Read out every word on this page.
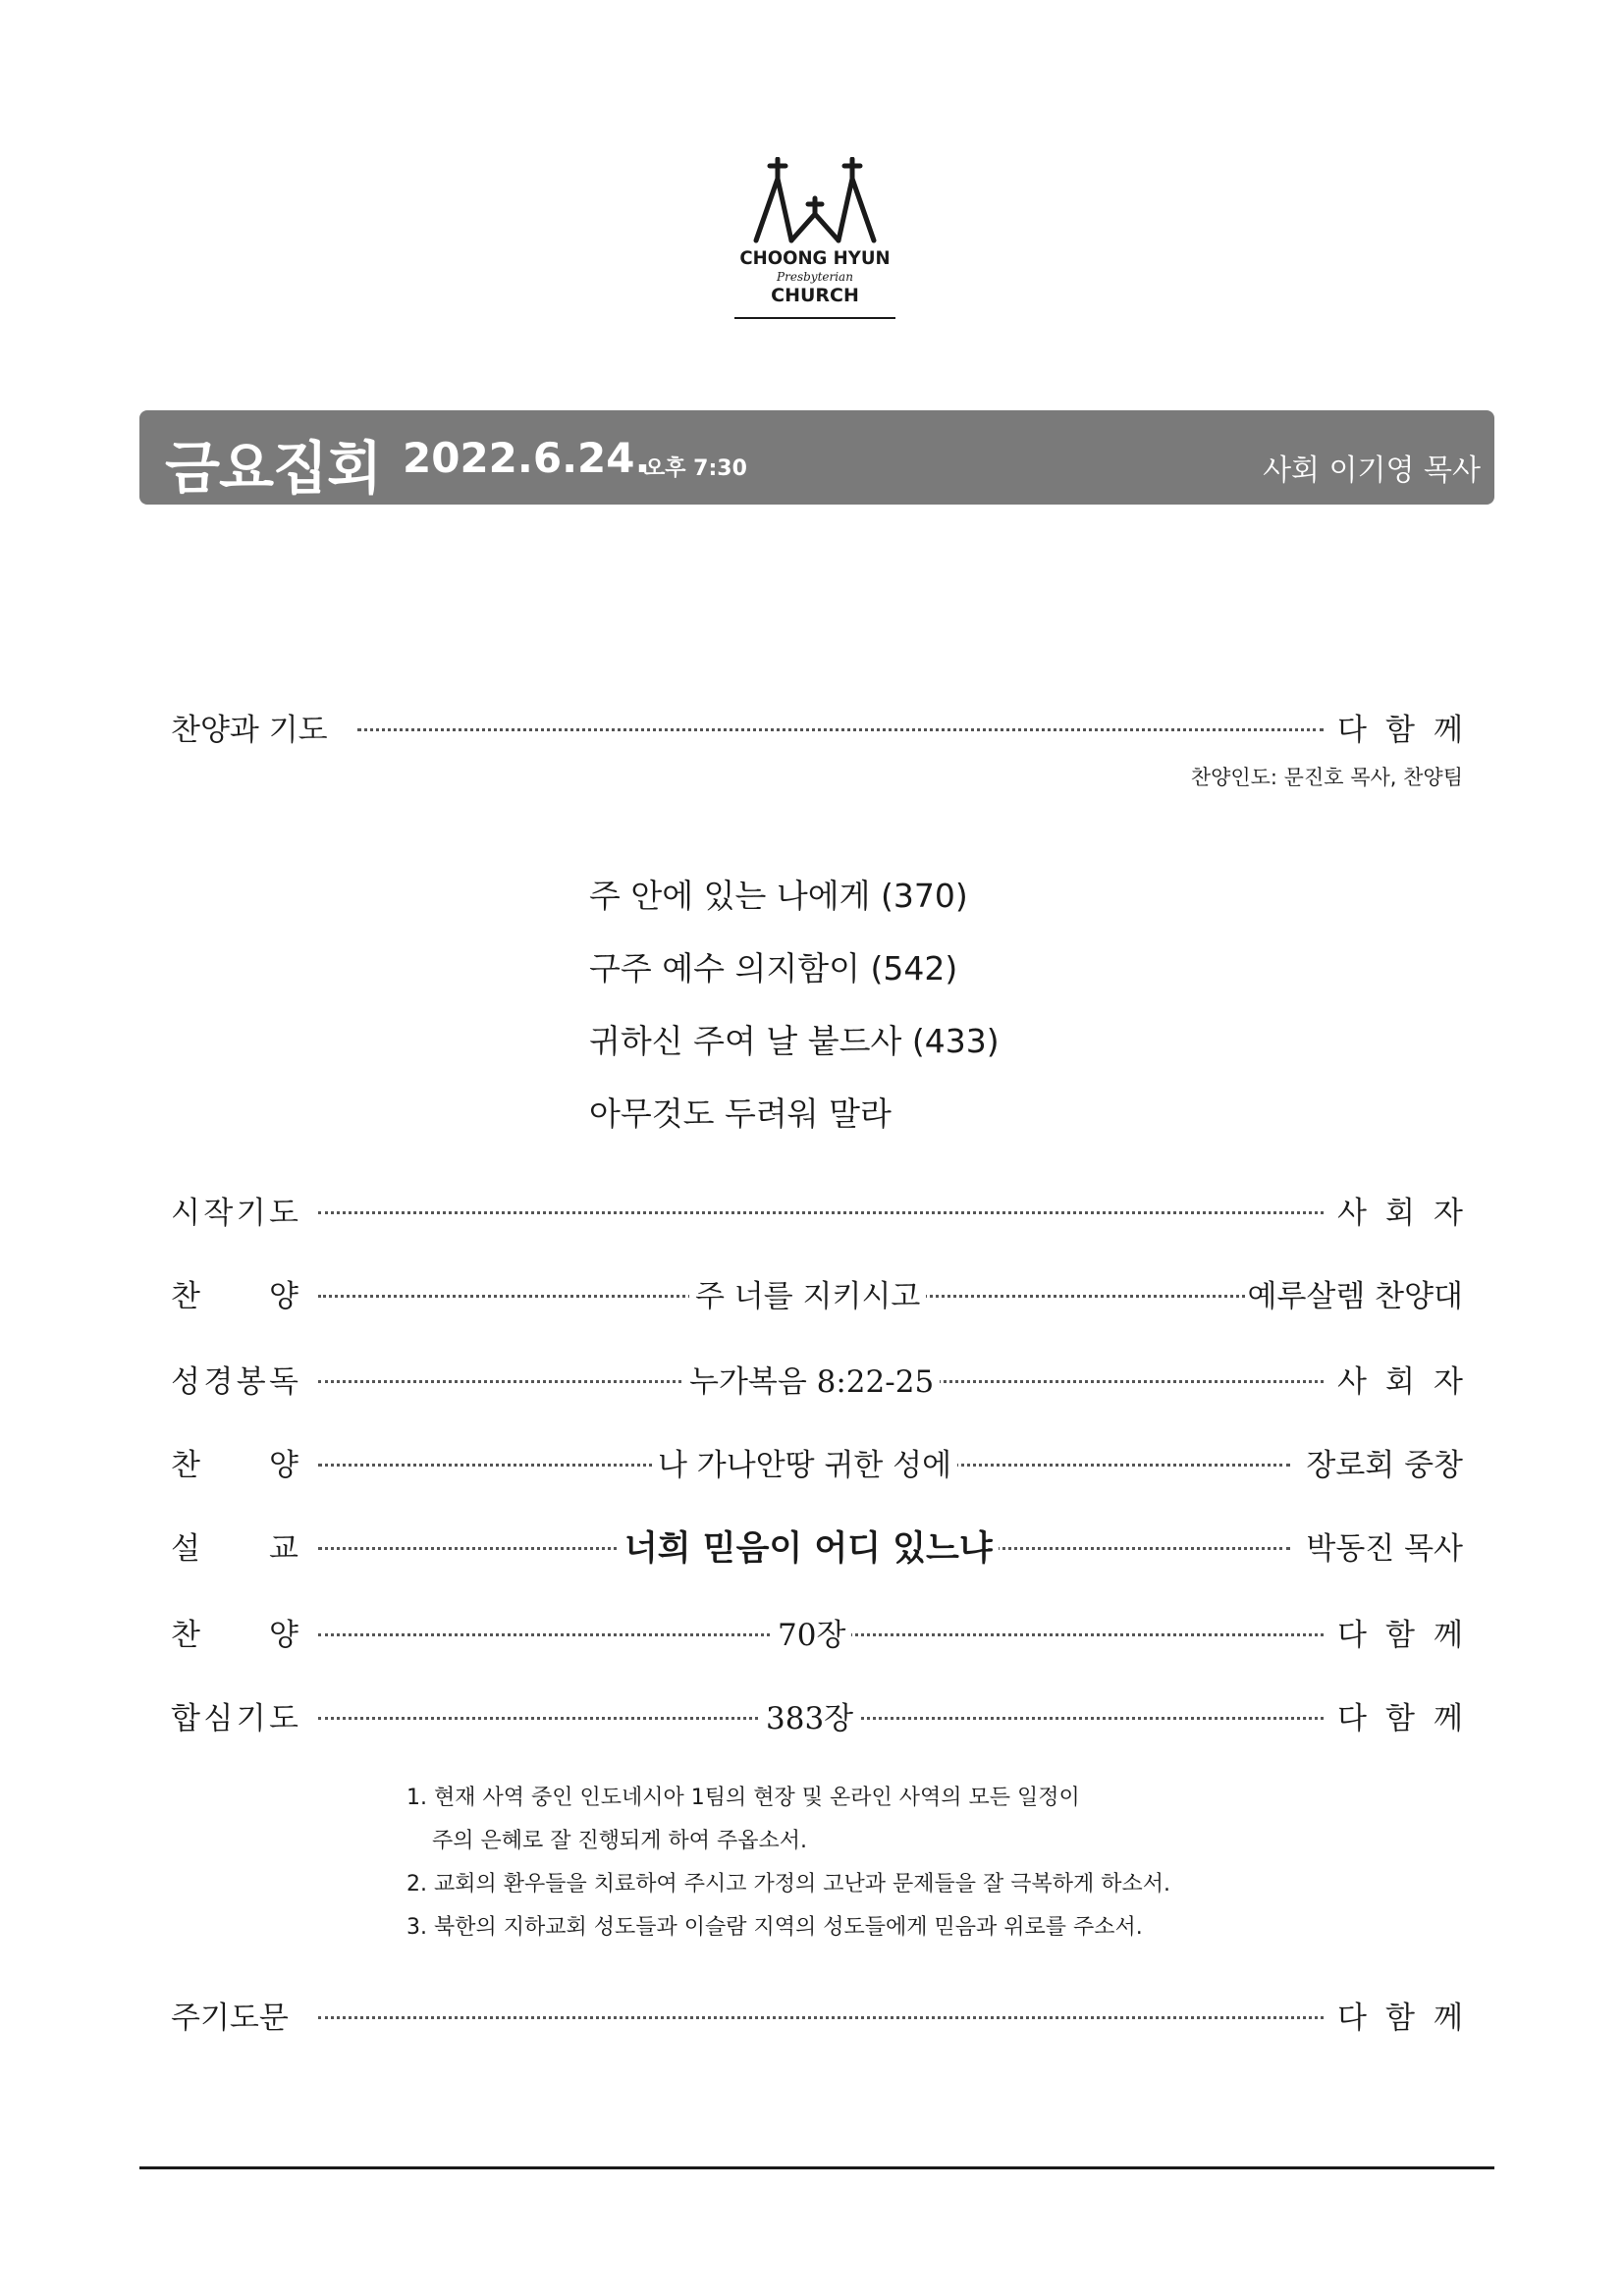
CHOONG HYUN
Presbyterian
CHURCH
금요집회 2022.6.24.
오후 7:30	사회 이기영 목사
찬양과 기도	다 함 께
찬양인도: 문진호 목사, 찬양팀
주 안에 있는 나에게 (370)
구주 예수 의지함이 (542)
귀하신 주여 날 붙드사 (433)
아무것도 두려워 말라
시 작 기 도	사 회 자
찬 양	주 너를 지키시고	예루살렘 찬양대
성 경 봉 독	누가복음 8:22-25	사 회 자
찬 양	나 가나안땅 귀한 성에	장로회 중창
설 교	너희 믿음이 어디 있느냐	박동진 목사
찬 양	70장	다 함 께
합 심 기 도	383장	다 함 께
1. 현재 사역 중인 인도네시아 1팀의 현장 및 온라인 사역의 모든 일정이
주의 은혜로 잘 진행되게 하여 주옵소서.
2. 교회의 환우들을 치료하여 주시고 가정의 고난과 문제들을 잘 극복하게 하소서.
3. 북한의 지하교회 성도들과 이슬람 지역의 성도들에게 믿음과 위로를 주소서.
주기도문	다 함 께
